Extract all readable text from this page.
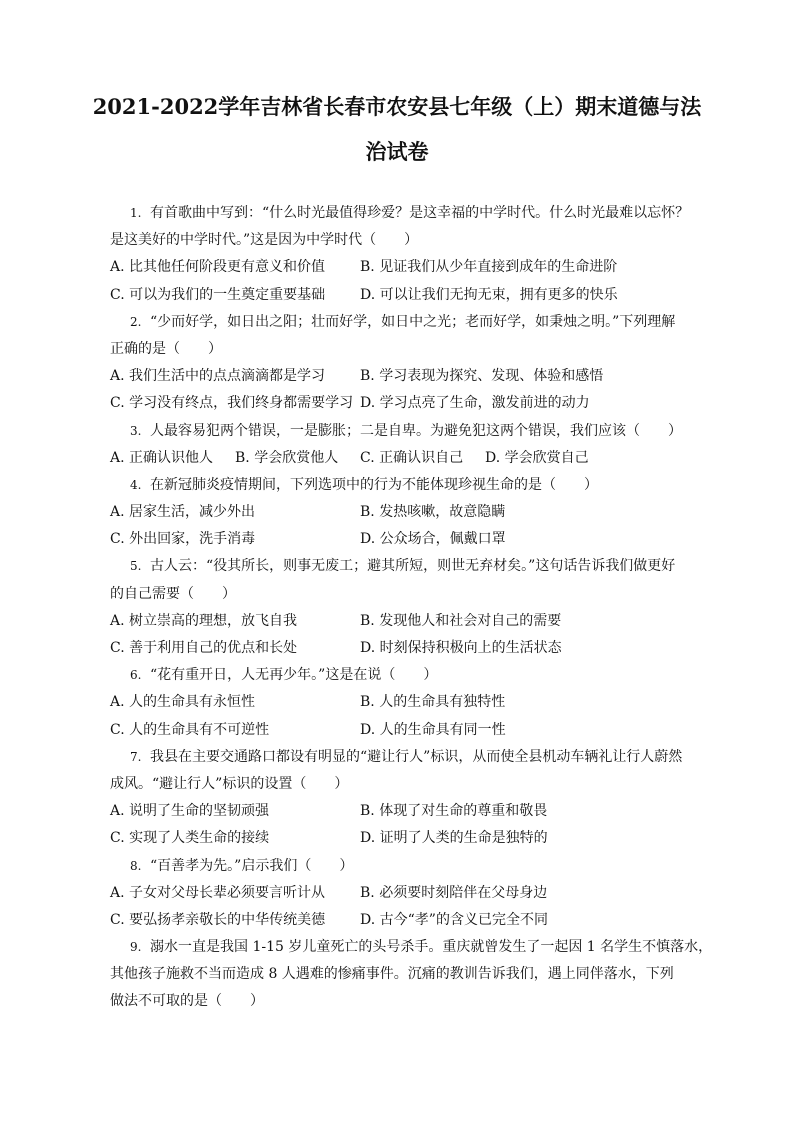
2021-2022学年吉林省长春市农安县七年级（上）期末道德与法
治试卷
1. 有首歌曲中写到：“什么时光最值得珍爱？是这幸福的中学时代。什么时光最难以忘怀？
是这美好的中学时代。”这是因为中学时代（　　）
A. 比其他任何阶段更有意义和价值	B. 见证我们从少年直接到成年的生命进阶
C. 可以为我们的一生奠定重要基础	D. 可以让我们无拘无束，拥有更多的快乐
2. “少而好学，如日出之阳；壮而好学，如日中之光；老而好学，如秉烛之明。”下列理解
正确的是（　　）
A. 我们生活中的点点滴滴都是学习	B. 学习表现为探究、发现、体验和感悟
C. 学习没有终点，我们终身都需要学习 D. 学习点亮了生命，激发前进的动力
3. 人最容易犯两个错误，一是膨胀；二是自卑。为避免犯这两个错误，我们应该（　　）
A. 正确认识他人	B. 学会欣赏他人	C. 正确认识自己	D. 学会欣赏自己
4. 在新冠肺炎疫情期间，下列选项中的行为不能体现珍视生命的是（　　）
A. 居家生活，减少外出	B. 发热咳嗽，故意隐瞒
C. 外出回家，洗手消毒	D. 公众场合，佩戴口罩
5. 古人云：“役其所长，则事无废工；避其所短，则世无弃材矣。”这句话告诉我们做更好
的自己需要（　　）
A. 树立崇高的理想，放飞自我	B. 发现他人和社会对自己的需要
C. 善于利用自己的优点和长处	D. 时刻保持积极向上的生活状态
6. “花有重开日，人无再少年。”这是在说（　　）
A. 人的生命具有永恒性	B. 人的生命具有独特性
C. 人的生命具有不可逆性	D. 人的生命具有同一性
7. 我县在主要交通路口都设有明显的“避让行人”标识，从而使全县机动车辆礼让行人蔚然
成风。“避让行人”标识的设置（　　）
A. 说明了生命的坚韧顽强	B. 体现了对生命的尊重和敬畏
C. 实现了人类生命的接续	D. 证明了人类的生命是独特的
8. “百善孝为先。”启示我们（　　）
A. 子女对父母长辈必须要言听计从	B. 必须要时刻陪伴在父母身边
C. 要弘扬孝亲敬长的中华传统美德	D. 古今“孝”的含义已完全不同
9. 溺水一直是我国 1-15 岁儿童死亡的头号杀手。重庆就曾发生了一起因 1 名学生不慎落水，
其他孩子施救不当而造成 8 人遇难的惨痛事件。沉痛的教训告诉我们，遇上同伴落水，下列
做法不可取的是（　　）
